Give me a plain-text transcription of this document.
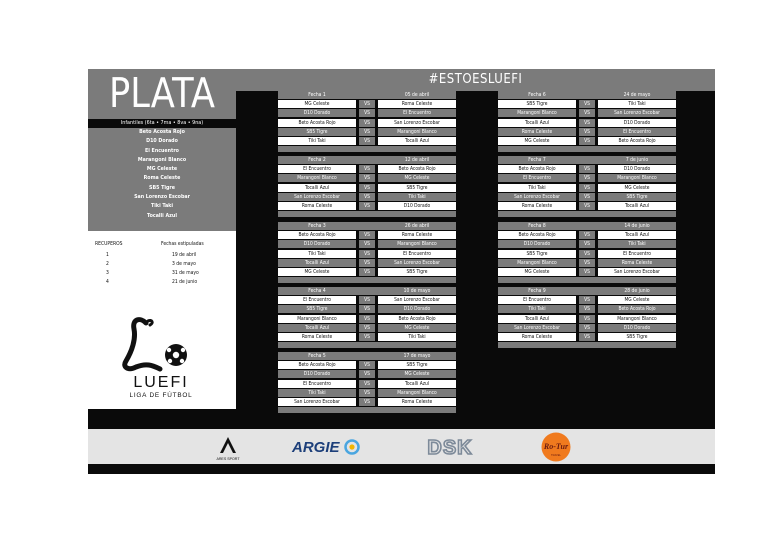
PLATA
Infantiles (6ta • 7ma • 8va • 9na)
Beto Acosta Rojo
D10 Dorado
El Encuentro
Marangoni Blanco
MG Celeste
Roma Celeste
SB5 Tigre
San Lorenzo Escobar
Tiki Taki
Tocalli Azul
RECUPEROS	Fechas estipuladas
1	19 de abril
2	3 de mayo
3	31 de mayo
4	21 de junio
LUEFI
LIGA DE FÚTBOL
#ESTOESLUEFI
Fecha 1	05 de abril
MG Celeste	VS	Roma Celeste
D10 Dorado	VS	El Encuentro
Beto Acosta Rojo	VS	San Lorenzo Escobar
SB5 Tigre	VS	Marangoni Blanco
Tiki Taki	VS	Tocalli Azul
Fecha 2	12 de abril
El Encuentro	VS	Beto Acosta Rojo
Marangoni Blanco	VS	MG Celeste
Tocalli Azul	VS	SB5 Tigre
San Lorenzo Escobar	VS	Tiki Taki
Roma Celeste	VS	D10 Dorado
Fecha 3	26 de abril
Beto Acosta Rojo	VS	Roma Celeste
D10 Dorado	VS	Marangoni Blanco
Tiki Taki	VS	El Encuentro
Tocalli Azul	VS	San Lorenzo Escobar
MG Celeste	VS	SB5 Tigre
Fecha 4	10 de mayo
El Encuentro	VS	San Lorenzo Escobar
SB5 Tigre	VS	D10 Dorado
Marangoni Blanco	VS	Beto Acosta Rojo
Tocalli Azul	VS	MG Celeste
Roma Celeste	VS	Tiki Taki
Fecha 5	17 de mayo
Beto Acosta Rojo	VS	SB5 Tigre
D10 Dorado	VS	MG Celeste
El Encuentro	VS	Tocalli Azul
Tiki Taki	VS	Marangoni Blanco
San Lorenzo Escobar	VS	Roma Celeste
Fecha 6	24 de mayo
SB5 Tigre	VS	Tiki Taki
Marangoni Blanco	VS	San Lorenzo Escobar
Tocalli Azul	VS	D10 Dorado
Roma Celeste	VS	El Encuentro
MG Celeste	VS	Beto Acosta Rojo
Fecha 7	7 de junio
Beto Acosta Rojo	VS	D10 Dorado
El Encuentro	VS	Marangoni Blanco
Tiki Taki	VS	MG Celeste
San Lorenzo Escobar	VS	SB5 Tigre
Roma Celeste	VS	Tocalli Azul
Fecha 8	14 de junio
Beto Acosta Rojo	VS	Tocalli Azul
D10 Dorado	VS	Tiki Taki
SB5 Tigre	VS	El Encuentro
Marangoni Blanco	VS	Roma Celeste
MG Celeste	VS	San Lorenzo Escobar
Fecha 9	28 de junio
El Encuentro	VS	MG Celeste
Tiki Taki	VS	Beto Acosta Rojo
Tocalli Azul	VS	Marangoni Blanco
San Lorenzo Escobar	VS	D10 Dorado
Roma Celeste	VS	SB5 Tigre
ARES SPORT
ARGIE	DSK	Ro-Tur
TRAVEL
